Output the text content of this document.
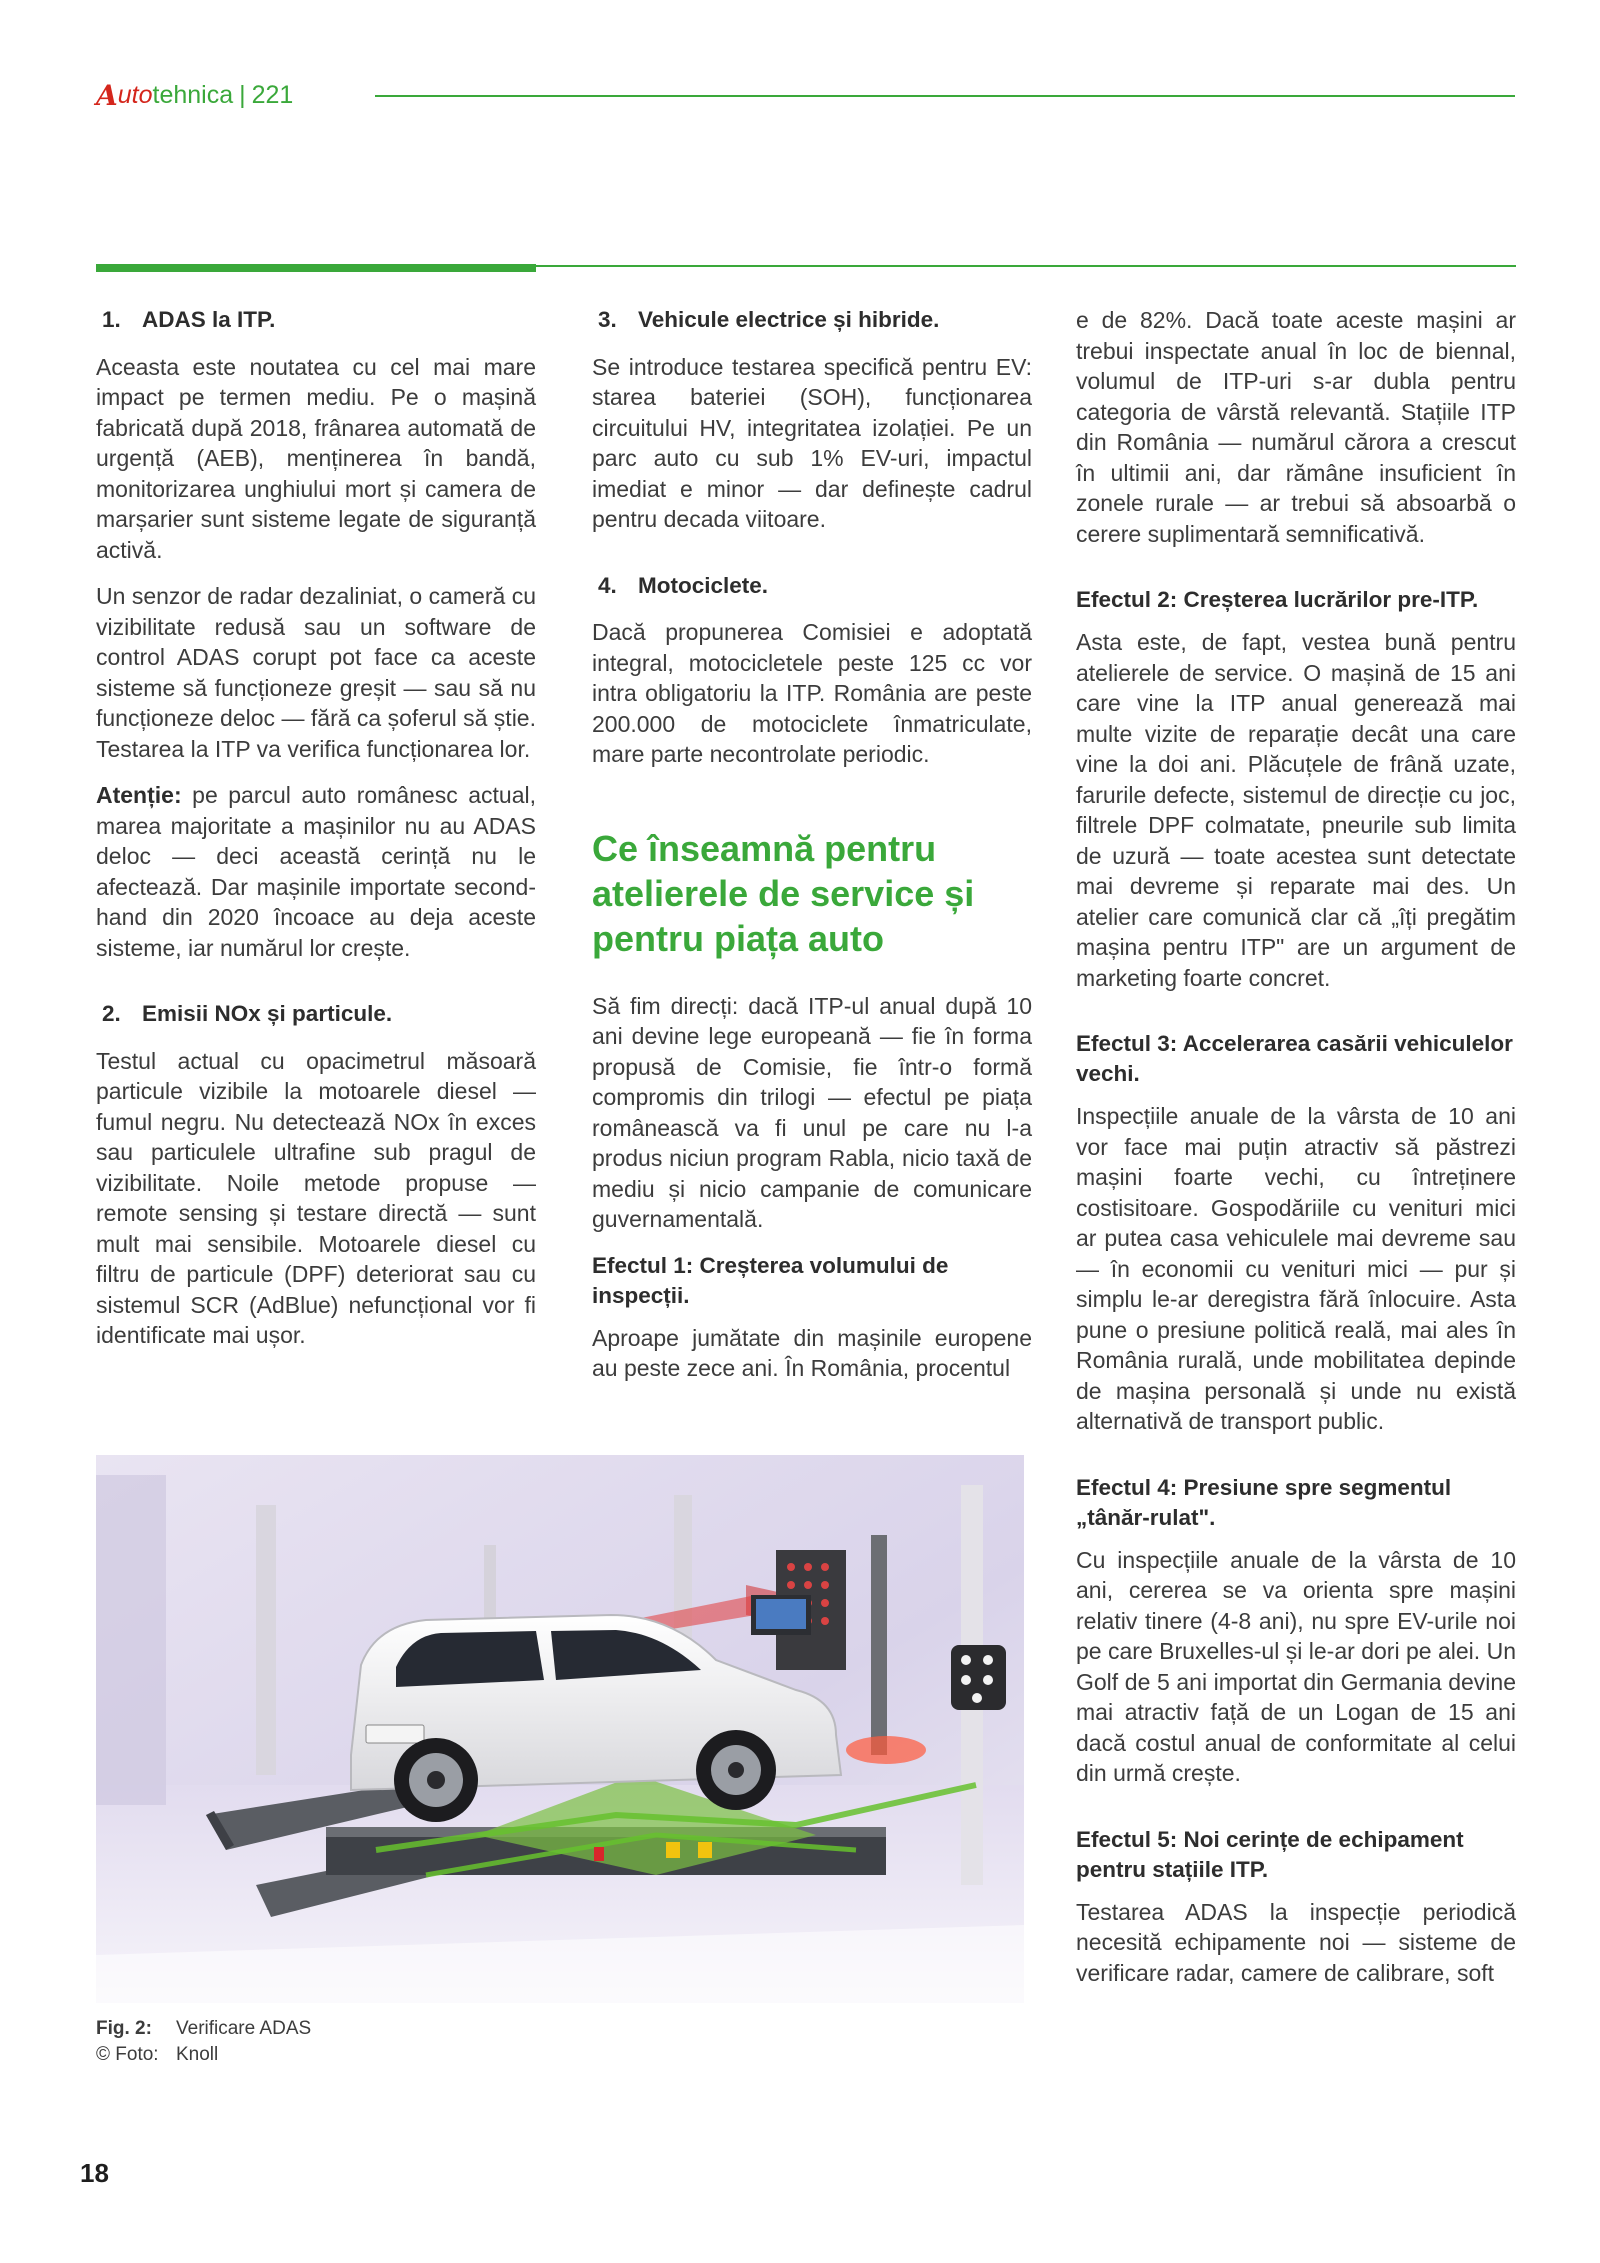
A uto tehnica | 221
1. ADAS la ITP.

Aceasta este noutatea cu cel mai mare impact pe termen mediu. Pe o mașină fabricată după 2018, frânarea automată de urgență (AEB), menținerea în bandă, monitorizarea unghiului mort și camera de marșarier sunt sisteme legate de siguranță activă.

Un senzor de radar dezaliniat, o cameră cu vizibilitate redusă sau un software de control ADAS corupt pot face ca aceste sisteme să funcționeze greșit — sau să nu funcționeze deloc — fără ca șoferul să știe. Testarea la ITP va verifica funcționarea lor.

Atenție: pe parcul auto românesc actual, marea majoritate a mașinilor nu au ADAS deloc — deci această cerință nu le afectează. Dar mașinile importate second-hand din 2020 încoace au deja aceste sisteme, iar numărul lor crește.

2. Emisii NOx și particule.

Testul actual cu opacimetrul măsoară particule vizibile la motoarele diesel — fumul negru. Nu detectează NOx în exces sau particulele ultrafine sub pragul de vizibilitate. Noile metode propuse — remote sensing și testare directă — sunt mult mai sensibile. Motoarele diesel cu filtru de particule (DPF) deteriorat sau cu sistemul SCR (AdBlue) nefuncțional vor fi identificate mai ușor.

3. Vehicule electrice și hibride.

Se introduce testarea specifică pentru EV: starea bateriei (SOH), funcționarea circuitului HV, integritatea izolației. Pe un parc auto cu sub 1% EV-uri, impactul imediat e minor — dar definește cadrul pentru decada viitoare.

4. Motociclete.

Dacă propunerea Comisiei e adoptată integral, motocicletele peste 125 cc vor intra obligatoriu la ITP. România are peste 200.000 de motociclete înmatriculate, mare parte necontrolate periodic.

Ce înseamnă pentru atelierele de service și pentru piața auto

Să fim direcți: dacă ITP-ul anual după 10 ani devine lege europeană — fie în forma propusă de Comisie, fie într-o formă compromis din trilogi — efectul pe piața românească va fi unul pe care nu l-a produs niciun program Rabla, nicio taxă de mediu și nicio campanie de comunicare guvernamentală.

Efectul 1: Creșterea volumului de inspecții.

Aproape jumătate din mașinile europene au peste zece ani. În România, procentul

e de 82%. Dacă toate aceste mașini ar trebui inspectate anual în loc de biennal, volumul de ITP-uri s-ar dubla pentru categoria de vârstă relevantă. Stațiile ITP din România — numărul cărora a crescut în ultimii ani, dar rămâne insuficient în zonele rurale — ar trebui să absoarbă o cerere suplimentară semnificativă.

Efectul 2: Creșterea lucrărilor pre-ITP.

Asta este, de fapt, vestea bună pentru atelierele de service. O mașină de 15 ani care vine la ITP anual generează mai multe vizite de reparație decât una care vine la doi ani. Plăcuțele de frână uzate, farurile defecte, sistemul de direcție cu joc, filtrele DPF colmatate, pneurile sub limita de uzură — toate acestea sunt detectate mai devreme și reparate mai des. Un atelier care comunică clar că „îți pregătim mașina pentru ITP" are un argument de marketing foarte concret.

Efectul 3: Accelerarea casării vehiculelor vechi.

Inspecțiile anuale de la vârsta de 10 ani vor face mai puțin atractiv să păstrezi mașini foarte vechi, cu întreținere costisitoare. Gospodăriile cu venituri mici ar putea casa vehiculele mai devreme sau — în economii cu venituri mici — pur și simplu le-ar deregistra fără înlocuire. Asta pune o presiune politică reală, mai ales în România rurală, unde mobilitatea depinde de mașina personală și unde nu există alternativă de transport public.

Efectul 4: Presiune spre segmentul „tânăr-rulat".

Cu inspecțiile anuale de la vârsta de 10 ani, cererea se va orienta spre mașini relativ tinere (4-8 ani), nu spre EV-urile noi pe care Bruxelles-ul și le-ar dori pe alei. Un Golf de 5 ani importat din Germania devine mai atractiv față de un Logan de 15 ani dacă costul anual de conformitate al celui din urmă crește.

Efectul 5: Noi cerințe de echipament pentru stațiile ITP.

Testarea ADAS la inspecție periodică necesită echipamente noi — sisteme de verificare radar, camere de calibrare, soft

Fig. 2: Verificare ADAS
© Foto: Knoll
18
